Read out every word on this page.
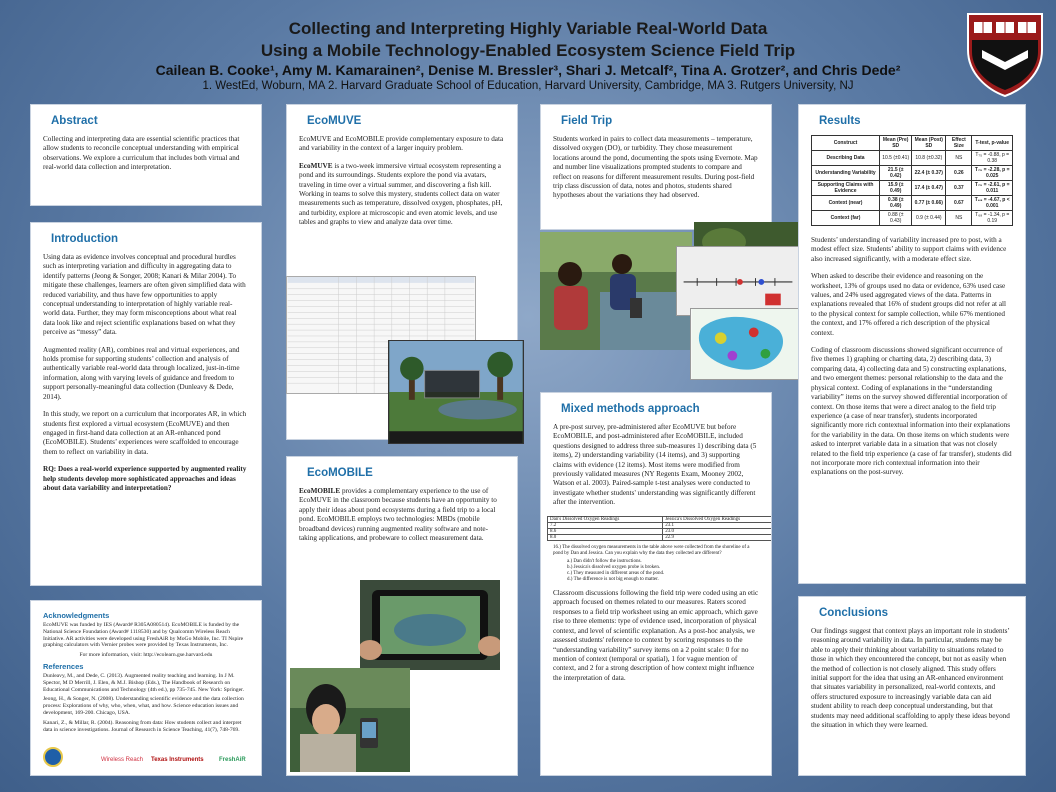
Collecting and Interpreting Highly Variable Real-World Data
Using a Mobile Technology-Enabled Ecosystem Science Field Trip
Cailean B. Cooke¹, Amy M. Kamarainen², Denise M. Bressler³, Shari J. Metcalf², Tina A. Grotzer², and Chris Dede²
1. WestEd, Woburn, MA 2. Harvard Graduate School of Education, Harvard University, Cambridge, MA 3. Rutgers University, NJ
Abstract

Collecting and interpreting data are essential scientific practices that allow students to reconcile conceptual understanding with empirical observations. We explore a curriculum that includes both virtual and real-world data collection and interpretation.

Introduction

Using data as evidence involves conceptual and procedural hurdles such as interpreting variation and difficulty in aggregating data to identify patterns (Jeong & Songer, 2008; Kanari & Milar 2004). To mitigate these challenges, learners are often given simplified data with reduced variability, and thus have few opportunities to apply conceptual understanding to interpretation of highly variable real-world data. Further, they may form misconceptions about what real data look like and reject scientific explanations based on what they perceive as “messy” data.

Augmented reality (AR), combines real and virtual experiences, and holds promise for supporting students’ collection and analysis of authentically variable real-world data through localized, just-in-time information, along with varying levels of guidance and freedom to support personally-meaningful data collection (Dunleavy & Dede, 2014).

In this study, we report on a curriculum that incorporates AR, in which students first explored a virtual ecosystem (EcoMUVE) and then engaged in first-hand data collection at an AR-enhanced pond (EcoMOBILE). Students’ experiences were scaffolded to encourage them to reflect on variability in data.

RQ: Does a real-world experience supported by augmented reality help students develop more sophisticated approaches and ideas about data variability and interpretation?

Acknowledgments

EcoMUVE was funded by IES (Award# R305A080514). EcoMOBILE is funded by the National Science Foundation (Award# 1118530) and by Qualcomm Wireless Reach Initiative. AR activities were developed using FreshAiR by MoGo Mobile, Inc. TI Nspire graphing calculators with Vernier probes were provided by Texas Instruments, Inc.

For more information, visit: http://ecolearn.gse.harvard.edu

References

Dunleavy, M., and Dede, C. (2013). Augmented reality teaching and learning. In J M. Spector, M D Merrill, J. Elen, & M.J. Bishop (Eds.), The Handbook of Research on Educational Communications and Technology (4th ed.), pp 735-745. New York: Springer.

Jeong, H., & Songer, N. (2008). Understanding scientific evidence and the data collection process: Explorations of why, who, when, what, and how. Science education issues and development, 169-200. Chicago, USA.

Kanari, Z., & Millar, R. (2004). Reasoning from data: How students collect and interpret data in science investigations. Journal of Research in Science Teaching, 41(7), 748-769.

Wireless Reach Texas Instruments	FreshAiR
EcoMUVE

EcoMUVE and EcoMOBILE provide complementary exposure to data and variability in the context of a larger inquiry problem.

EcoMUVE is a two-week immersive virtual ecosystem representing a pond and its surroundings. Students explore the pond via avatars, traveling in time over a virtual summer, and discovering a fish kill. Working in teams to solve this mystery, students collect data on water measurements such as temperature, dissolved oxygen, phosphates, pH, and turbidity, explore at microscopic and even atomic levels, and use tables and graphs to view and analyze data over time.

EcoMOBILE

EcoMOBILE provides a complementary experience to the use of EcoMUVE in the classroom because students have an opportunity to apply their ideas about pond ecosystems during a field trip to a local pond. EcoMOBILE employs two technologies: MBDs (mobile broadband devices) running augmented reality software and note-taking applications, and probeware to collect measurement data.

Field Trip

Students worked in pairs to collect data measurements – temperature, dissolved oxygen (DO), or turbidity. They chose measurement locations around the pond, documenting the spots using Evernote. Map and number line visualizations prompted students to compare and reflect on reasons for different measurement results. During post-field trip class discussion of data, notes and photos, students shared hypotheses about the variations they had observed.

Mixed methods approach

A pre-post survey, pre-administered after EcoMUVE but before EcoMOBILE, and post-administered after EcoMOBILE, included questions designed to address three sub-measures 1) describing data (5 items), 2) understanding variability (14 items), and 3) supporting claims with evidence (12 items). Most items were modified from previously validated measures (NY Regents Exam, Mooney 2002, Watson et al. 2003). Paired-sample t-test analyses were conducted to investigate whether students' understanding was significantly different after the intervention.

Dan's Dissolved Oxygen Readings	Jessica's Dissolved Oxygen Readings
7.2	23.1
8.6	23.0
8.0	22.9

16.) The dissolved oxygen measurements in the table above were collected from the shoreline of a pond by Dan and Jessica. Can you explain why the data they collected are different?

a.) Dan didn't follow the instructions.

b.) Jessica's dissolved oxygen probe is broken.

c.) They measured in different areas of the pond.

d.) The difference is not big enough to matter.

Classroom discussions following the field trip were coded using an etic approach focused on themes related to our measures. Raters scored responses to a field trip worksheet using an emic approach, which gave rise to three elements: type of evidence used, incorporation of physical context, and level of scientific explanation. As a post-hoc analysis, we assessed students' reference to context by scoring responses to the “understanding variability” survey items on a 2 point scale: 0 for no mention of context (temporal or spatial), 1 for vague mention of context, and 2 for a strong description of how context might influence the interpretation of data.

Results
Construct	Mean (Pre) SD	Mean (Post) SD	Effect Size	T-test, p-value
Describing Data	10.5 (±0.41)	10.8 (±0.32)	NS	T₇₅ = -0.88, p = 0.38
Understanding Variability	21.5 (± 0.42)	22.4 (± 0.37)	0.26	T₇₅ = -2.28, p = 0.025
Supporting Claims with Evidence	15.9 (± 0.49)	17.4 (± 0.47)	0.37	T₇₅ = -2.61, p = 0.011
Context (near)	0.38 (± 0.49)	0.77 (± 0.66)	0.67	T₆₈ = -4.67, p < 0.001
Context (far)	0.88 (± 0.43)	0.9 (± 0.44)	NS	T₆₈ = -1.34, p = 0.19

Students’ understanding of variability increased pre to post, with a modest effect size. Students’ ability to support claims with evidence also increased significantly, with a moderate effect size.

When asked to describe their evidence and reasoning on the worksheet, 13% of groups used no data or evidence, 63% used case values, and 24% used aggregated views of the data. Patterns in explanations revealed that 16% of student groups did not refer at all to the physical context for sample collection, while 67% mentioned the context, and 17% offered a rich description of the physical context.

Coding of classroom discussions showed significant occurrence of five themes 1) graphing or charting data, 2) describing data, 3) comparing data, 4) collecting data and 5) constructing explanations, and two emergent themes: personal relationship to the data and the physical context. Coding of explanations in the “understanding variability” items on the survey showed differential incorporation of context. On those items that were a direct analog to the field trip experience (a case of near transfer), students incorporated significantly more rich contextual information into their explanations for the variability in the data. On those items on which students were asked to interpret variable data in a situation that was not closely related to the field trip experience (a case of far transfer), students did not incorporate more rich contextual information into their explanations on the post-survey.

Conclusions

Our findings suggest that context plays an important role in students’ reasoning around variability in data. In particular, students may be able to apply their thinking about variability to situations related to those in which they encountered the concept, but not as easily when the method of collection is not closely aligned. This study offers initial support for the idea that using an AR-enhanced environment that situates variability in personalized, real-world contexts, and offers structured exposure to increasingly variable data can aid student ability to reach deep conceptual understanding, but that students may need additional scaffolding to apply these ideas beyond the situation in which they were learned.
